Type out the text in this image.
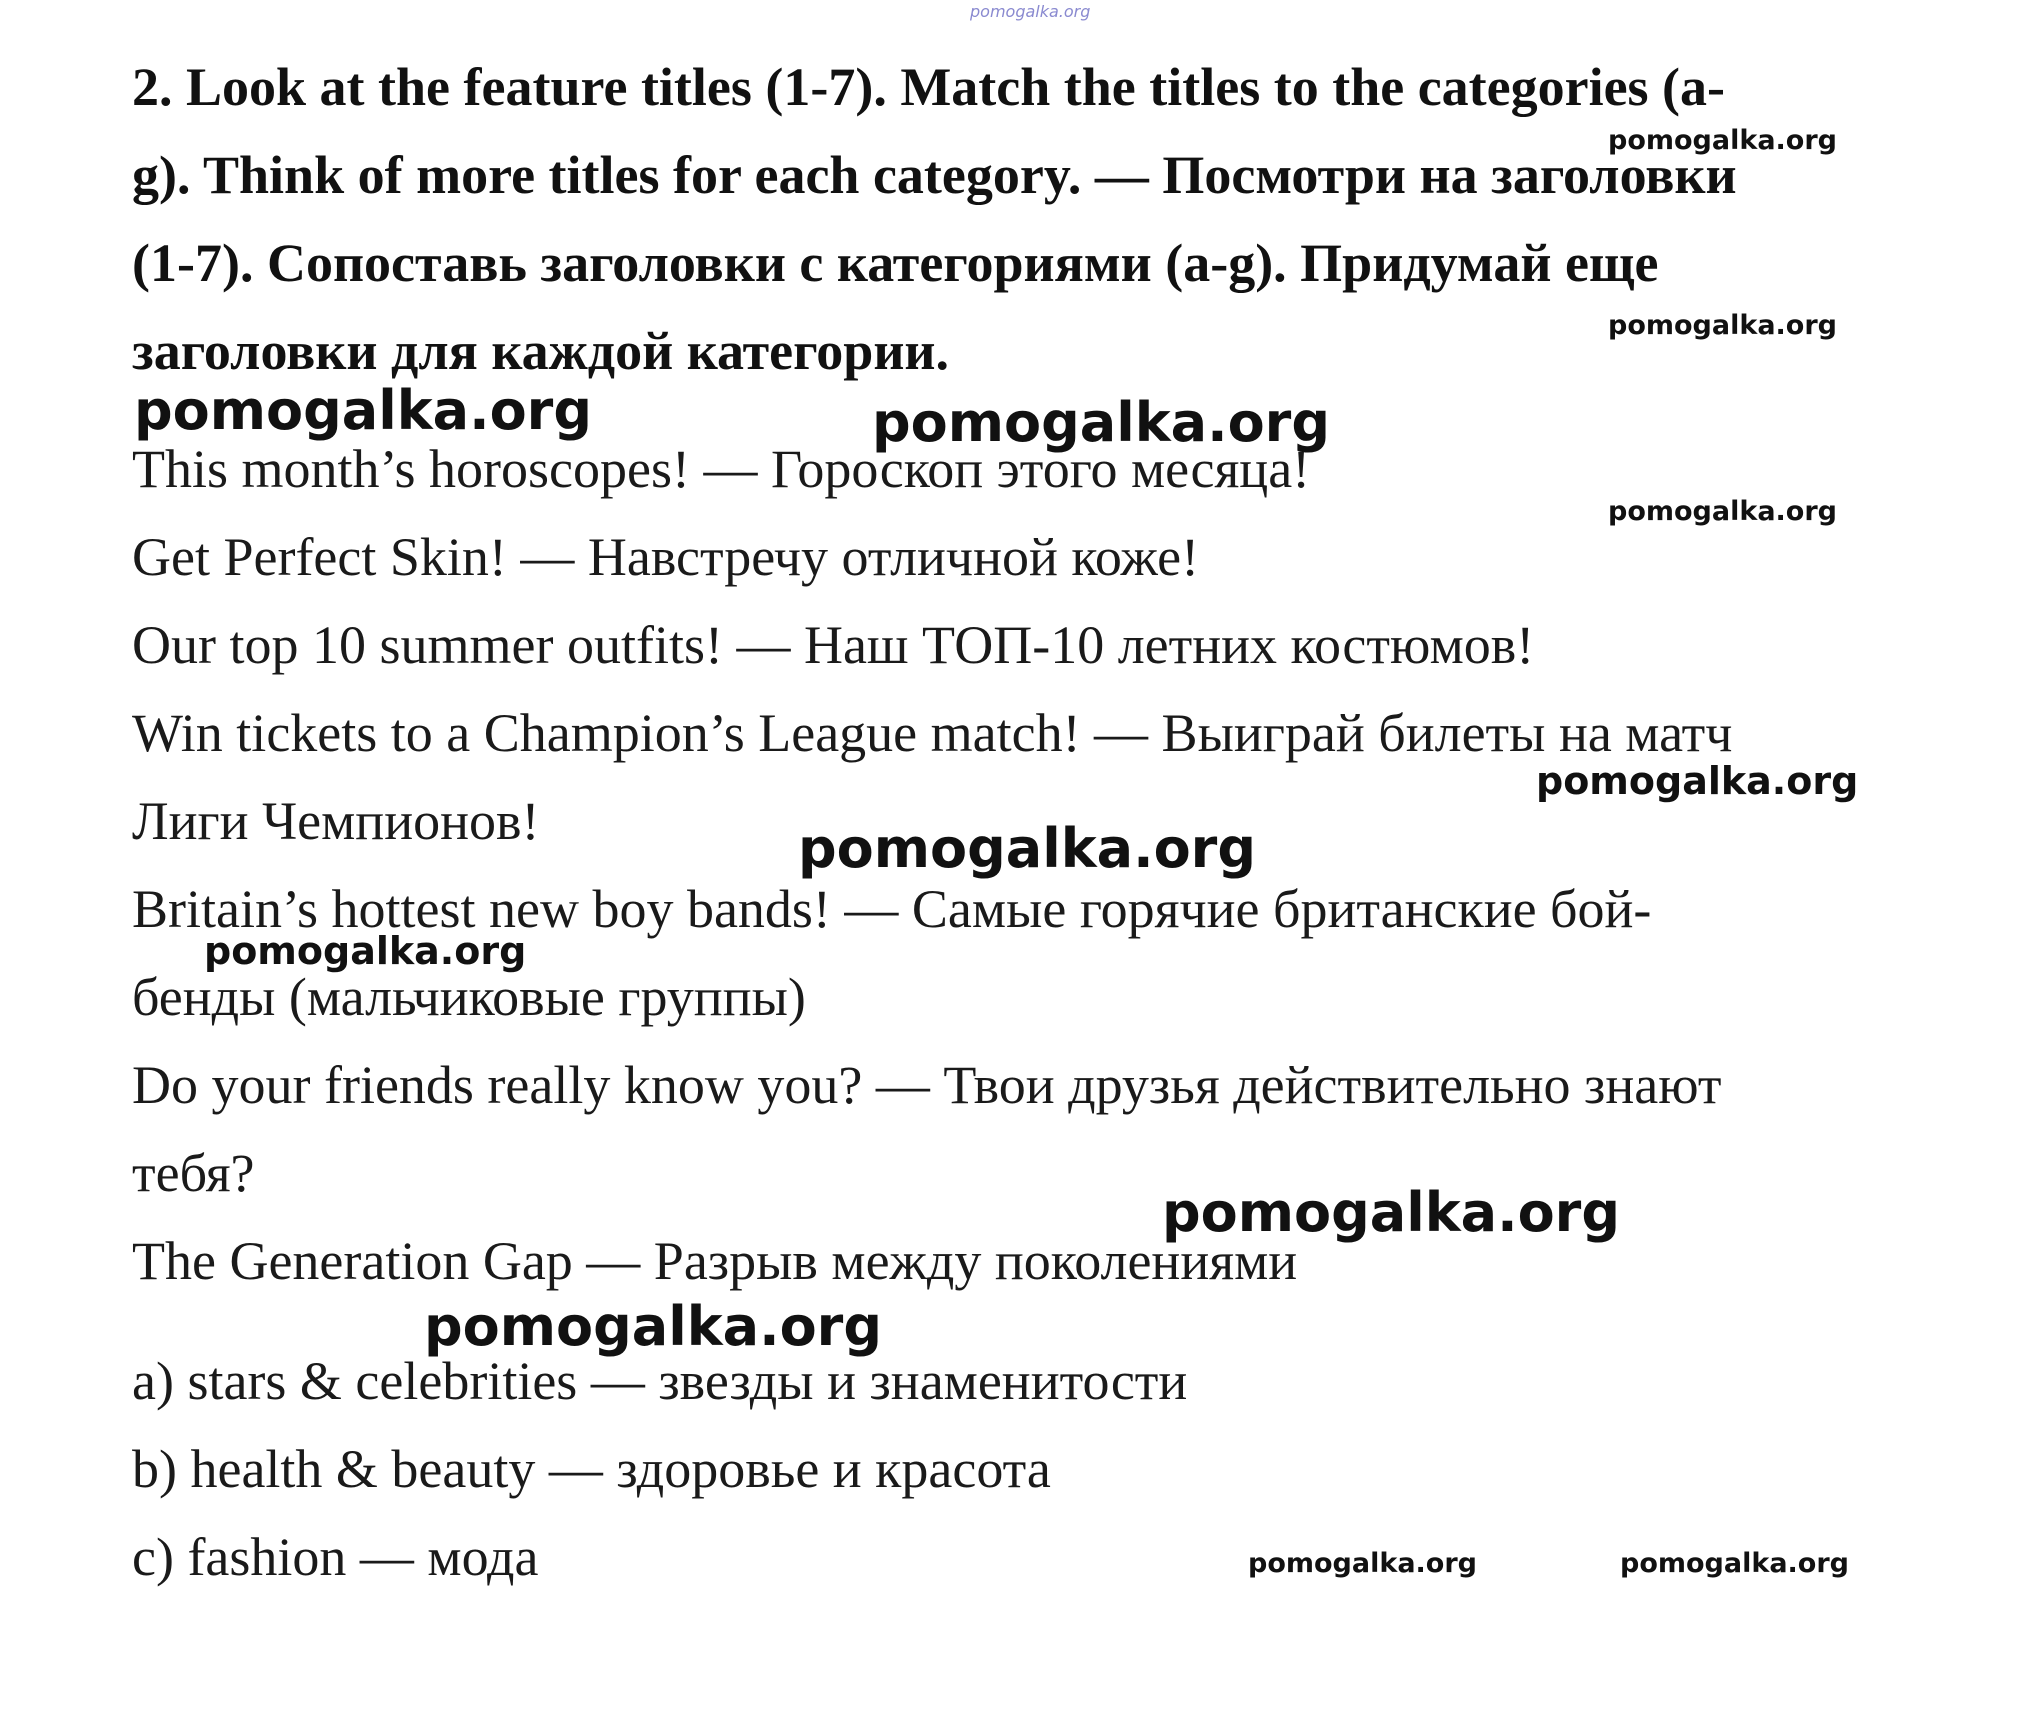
pomogalka.org
2. Look at the feature titles (1-7). Match the titles to the categories (a-
g). Think of more titles for each category. — Посмотри на заголовки
(1-7). Сопоставь заголовки с категориями (a-g). Придумай еще
заголовки для каждой категории.
This month’s horoscopes! — Гороскоп этого месяца!
Get Perfect Skin! — Навстречу отличной коже!
Our top 10 summer outfits! — Наш ТОП-10 летних костюмов!
Win tickets to a Champion’s League match! — Выиграй билеты на матч
Лиги Чемпионов!
Britain’s hottest new boy bands! — Самые горячие британские бой-
бенды (мальчиковые группы)
Do your friends really know you? — Твои друзья действительно знают
тебя?
The Generation Gap — Разрыв между поколениями
a) stars & celebrities — звезды и знаменитости
b) health & beauty — здоровье и красота
c) fashion — мода
pomogalka.org
pomogalka.org
pomogalka.org	pomogalka.org
pomogalka.org
pomogalka.org
pomogalka.org
pomogalka.org
pomogalka.org
pomogalka.org
pomogalka.org	pomogalka.org
